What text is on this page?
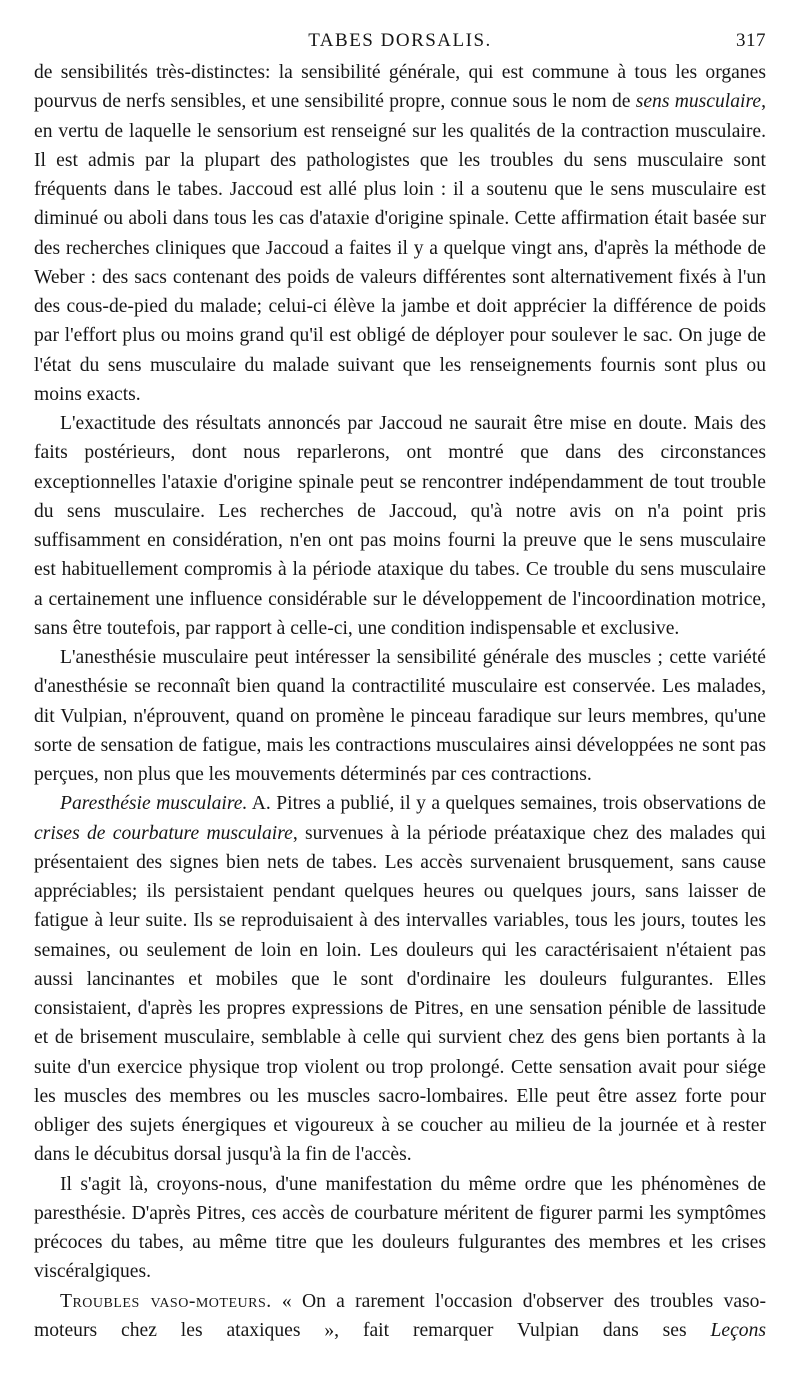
TABES DORSALIS.	317

de sensibilités très-distinctes: la sensibilité générale, qui est commune à tous les organes pourvus de nerfs sensibles, et une sensibilité propre, connue sous le nom de sens musculaire, en vertu de laquelle le sensorium est renseigné sur les qualités de la contraction musculaire. Il est admis par la plupart des pathologistes que les troubles du sens musculaire sont fréquents dans le tabes. Jaccoud est allé plus loin : il a soutenu que le sens musculaire est diminué ou aboli dans tous les cas d'ataxie d'origine spinale. Cette affirmation était basée sur des recherches cliniques que Jaccoud a faites il y a quelque vingt ans, d'après la méthode de Weber : des sacs contenant des poids de valeurs différentes sont alternativement fixés à l'un des cous-de-pied du malade; celui-ci élève la jambe et doit apprécier la différence de poids par l'effort plus ou moins grand qu'il est obligé de déployer pour soulever le sac. On juge de l'état du sens musculaire du malade suivant que les renseignements fournis sont plus ou moins exacts.

L'exactitude des résultats annoncés par Jaccoud ne saurait être mise en doute. Mais des faits postérieurs, dont nous reparlerons, ont montré que dans des circonstances exceptionnelles l'ataxie d'origine spinale peut se rencontrer indépendamment de tout trouble du sens musculaire. Les recherches de Jaccoud, qu'à notre avis on n'a point pris suffisamment en considération, n'en ont pas moins fourni la preuve que le sens musculaire est habituellement compromis à la période ataxique du tabes. Ce trouble du sens musculaire a certainement une influence considérable sur le développement de l'incoordination motrice, sans être toutefois, par rapport à celle-ci, une condition indispensable et exclusive.

L'anesthésie musculaire peut intéresser la sensibilité générale des muscles ; cette variété d'anesthésie se reconnaît bien quand la contractilité musculaire est conservée. Les malades, dit Vulpian, n'éprouvent, quand on promène le pinceau faradique sur leurs membres, qu'une sorte de sensation de fatigue, mais les contractions musculaires ainsi développées ne sont pas perçues, non plus que les mouvements déterminés par ces contractions.

Paresthésie musculaire. A. Pitres a publié, il y a quelques semaines, trois observations de crises de courbature musculaire, survenues à la période préataxique chez des malades qui présentaient des signes bien nets de tabes. Les accès survenaient brusquement, sans cause appréciables; ils persistaient pendant quelques heures ou quelques jours, sans laisser de fatigue à leur suite. Ils se reproduisaient à des intervalles variables, tous les jours, toutes les semaines, ou seulement de loin en loin. Les douleurs qui les caractérisaient n'étaient pas aussi lancinantes et mobiles que le sont d'ordinaire les douleurs fulgurantes. Elles consistaient, d'après les propres expressions de Pitres, en une sensation pénible de lassitude et de brisement musculaire, semblable à celle qui survient chez des gens bien portants à la suite d'un exercice physique trop violent ou trop prolongé. Cette sensation avait pour siége les muscles des membres ou les muscles sacro-lombaires. Elle peut être assez forte pour obliger des sujets énergiques et vigoureux à se coucher au milieu de la journée et à rester dans le décubitus dorsal jusqu'à la fin de l'accès.

Il s'agit là, croyons-nous, d'une manifestation du même ordre que les phénomènes de paresthésie. D'après Pitres, ces accès de courbature méritent de figurer parmi les symptômes précoces du tabes, au même titre que les douleurs fulgurantes des membres et les crises viscéralgiques.

Troubles vaso-moteurs. « On a rarement l'occasion d'observer des troubles vaso-moteurs chez les ataxiques », fait remarquer Vulpian dans ses Leçons
